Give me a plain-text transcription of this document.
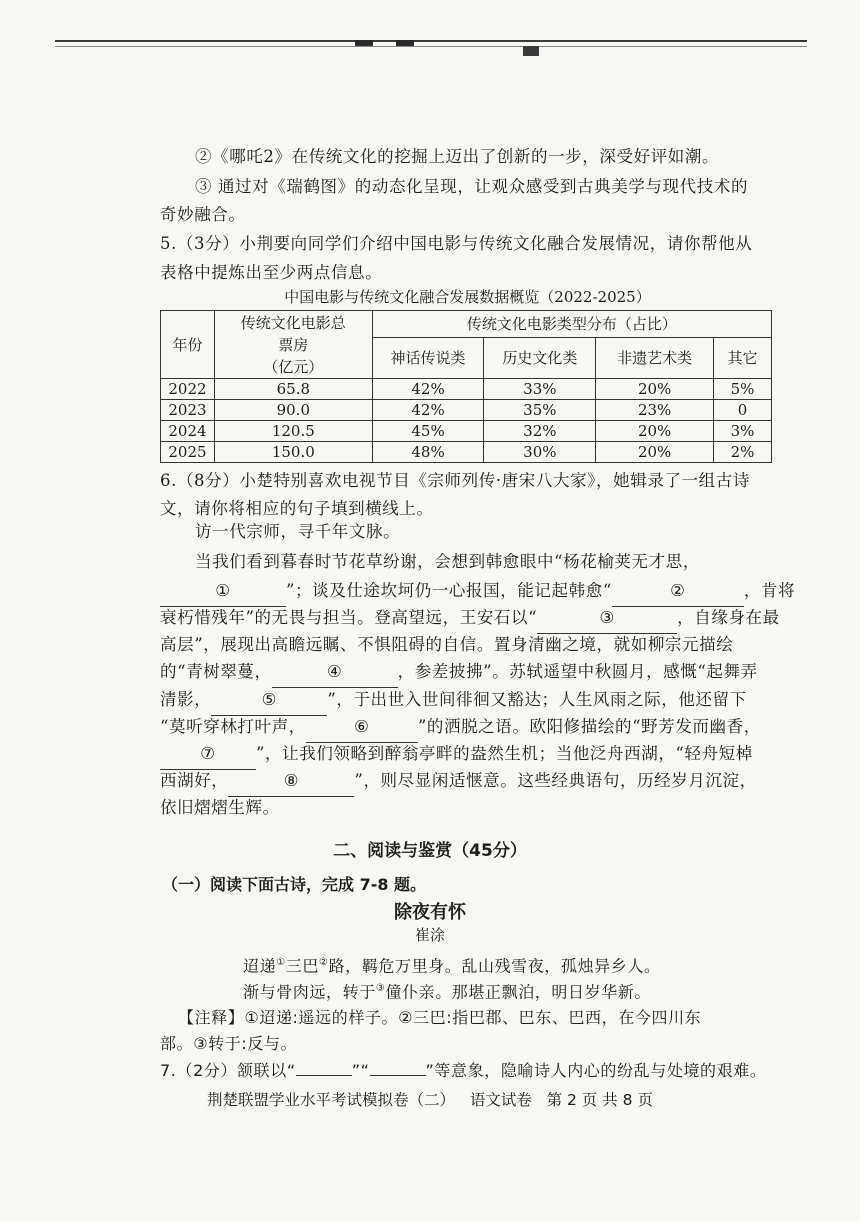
②《哪吒2》在传统文化的挖掘上迈出了创新的一步，深受好评如潮。
③ 通过对《瑞鹤图》的动态化呈现，让观众感受到古典美学与现代技术的
奇妙融合。
5.（3分）小荆要向同学们介绍中国电影与传统文化融合发展情况，请你帮他从
表格中提炼出至少两点信息。
中国电影与传统文化融合发展数据概览（2022-2025）
年份	传统文化电影总
票房
（亿元）	传统文化电影类型分布（占比）			
		神话传说类	历史文化类	非遗艺术类	其它
2022	65.8	42%	33%	20%	5%
2023	90.0	42%	35%	23%	0
2024	120.5	45%	32%	20%	3%
2025	150.0	48%	30%	20%	2%
6.（8分）小楚特别喜欢电视节目《宗师列传·唐宋八大家》，她辑录了一组古诗
文，请你将相应的句子填到横线上。
访一代宗师，寻千年文脉。
当我们看到暮春时节花草纷谢，会想到韩愈眼中“杨花榆荚无才思，
①	”；谈及仕途坎坷仍一心报国，能记起韩愈“	②	，肯将
衰朽惜残年”的无畏与担当。登高望远，王安石以“	③	，自缘身在最
高层”，展现出高瞻远瞩、不惧阻碍的自信。置身清幽之境，就如柳宗元描绘
的“青树翠蔓，	④	，参差披拂”。苏轼遥望中秋圆月，感慨“起舞弄
清影，	⑤	”，于出世入世间徘徊又豁达；人生风雨之际，他还留下
“莫听穿林打叶声，	⑥	”的洒脱之语。欧阳修描绘的“野芳发而幽香，
⑦ ”，让我们领略到醉翁亭畔的盎然生机；当他泛舟西湖，“轻舟短棹
西湖好，	⑧	”，则尽显闲适惬意。这些经典语句，历经岁月沉淀，
依旧熠熠生辉。
二、阅读与鉴赏（45分）
（一）阅读下面古诗，完成 7-8 题。
除夜有怀
崔涂
迢递①三巴②路，羁危万里身。乱山残雪夜，孤烛异乡人。
渐与骨肉远，转于③僮仆亲。那堪正飘泊，明日岁华新。
【注释】①迢递:遥远的样子。②三巴:指巴郡、巴东、巴西，在今四川东
部。③转于:反与。
7.（2分）颔联以“	”“	”等意象，隐喻诗人内心的纷乱与处境的艰难。
荆楚联盟学业水平考试模拟卷（二）   语文试卷   第 2 页 共 8 页
